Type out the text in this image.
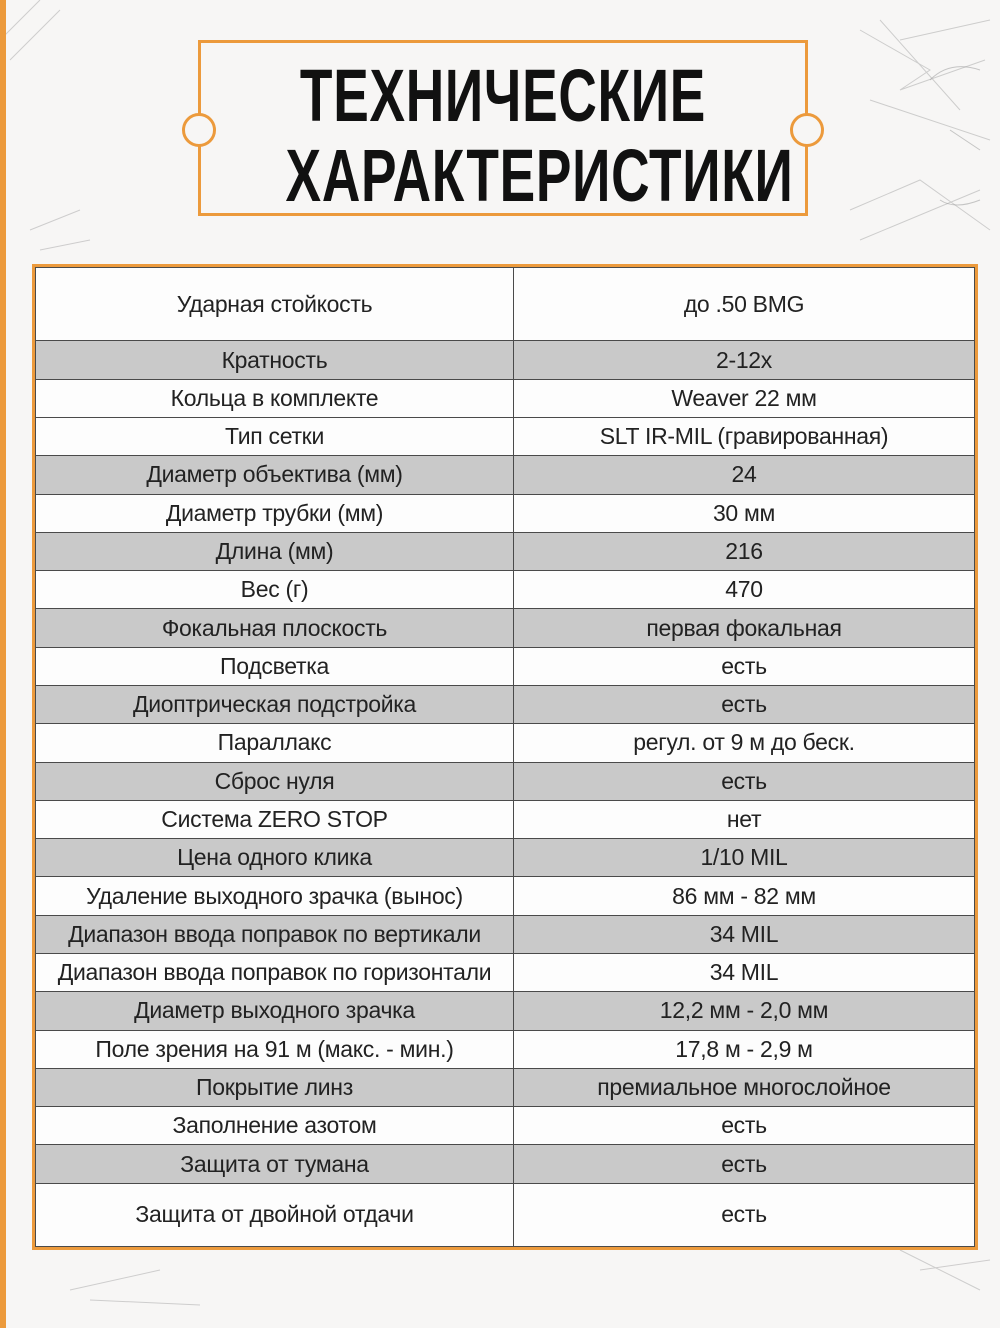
ТЕХНИЧЕСКИЕ
ХАРАКТЕРИСТИКИ
Ударная стойкость	до .50 BMG
Кратность	2-12х
Кольца в комплекте	Weaver 22 мм
Тип сетки	SLT IR-MIL (гравированная)
Диаметр объектива (мм)	24
Диаметр трубки (мм)	30 мм
Длина (мм)	216
Вес (г)	470
Фокальная плоскость	первая фокальная
Подсветка	есть
Диоптрическая подстройка	есть
Параллакс	регул. от 9 м до беск.
Сброс нуля	есть
Система ZERO STOP	нет
Цена одного клика	1/10 MIL
Удаление выходного зрачка (вынос)	86 мм - 82 мм
Диапазон ввода поправок по вертикали	34 MIL
Диапазон ввода поправок по горизонтали	34 MIL
Диаметр выходного зрачка	12,2 мм - 2,0 мм
Поле зрения на 91 м (макс. - мин.)	17,8 м - 2,9 м
Покрытие линз	премиальное многослойное
Заполнение азотом	есть
Защита от тумана	есть
Защита от двойной отдачи	есть
